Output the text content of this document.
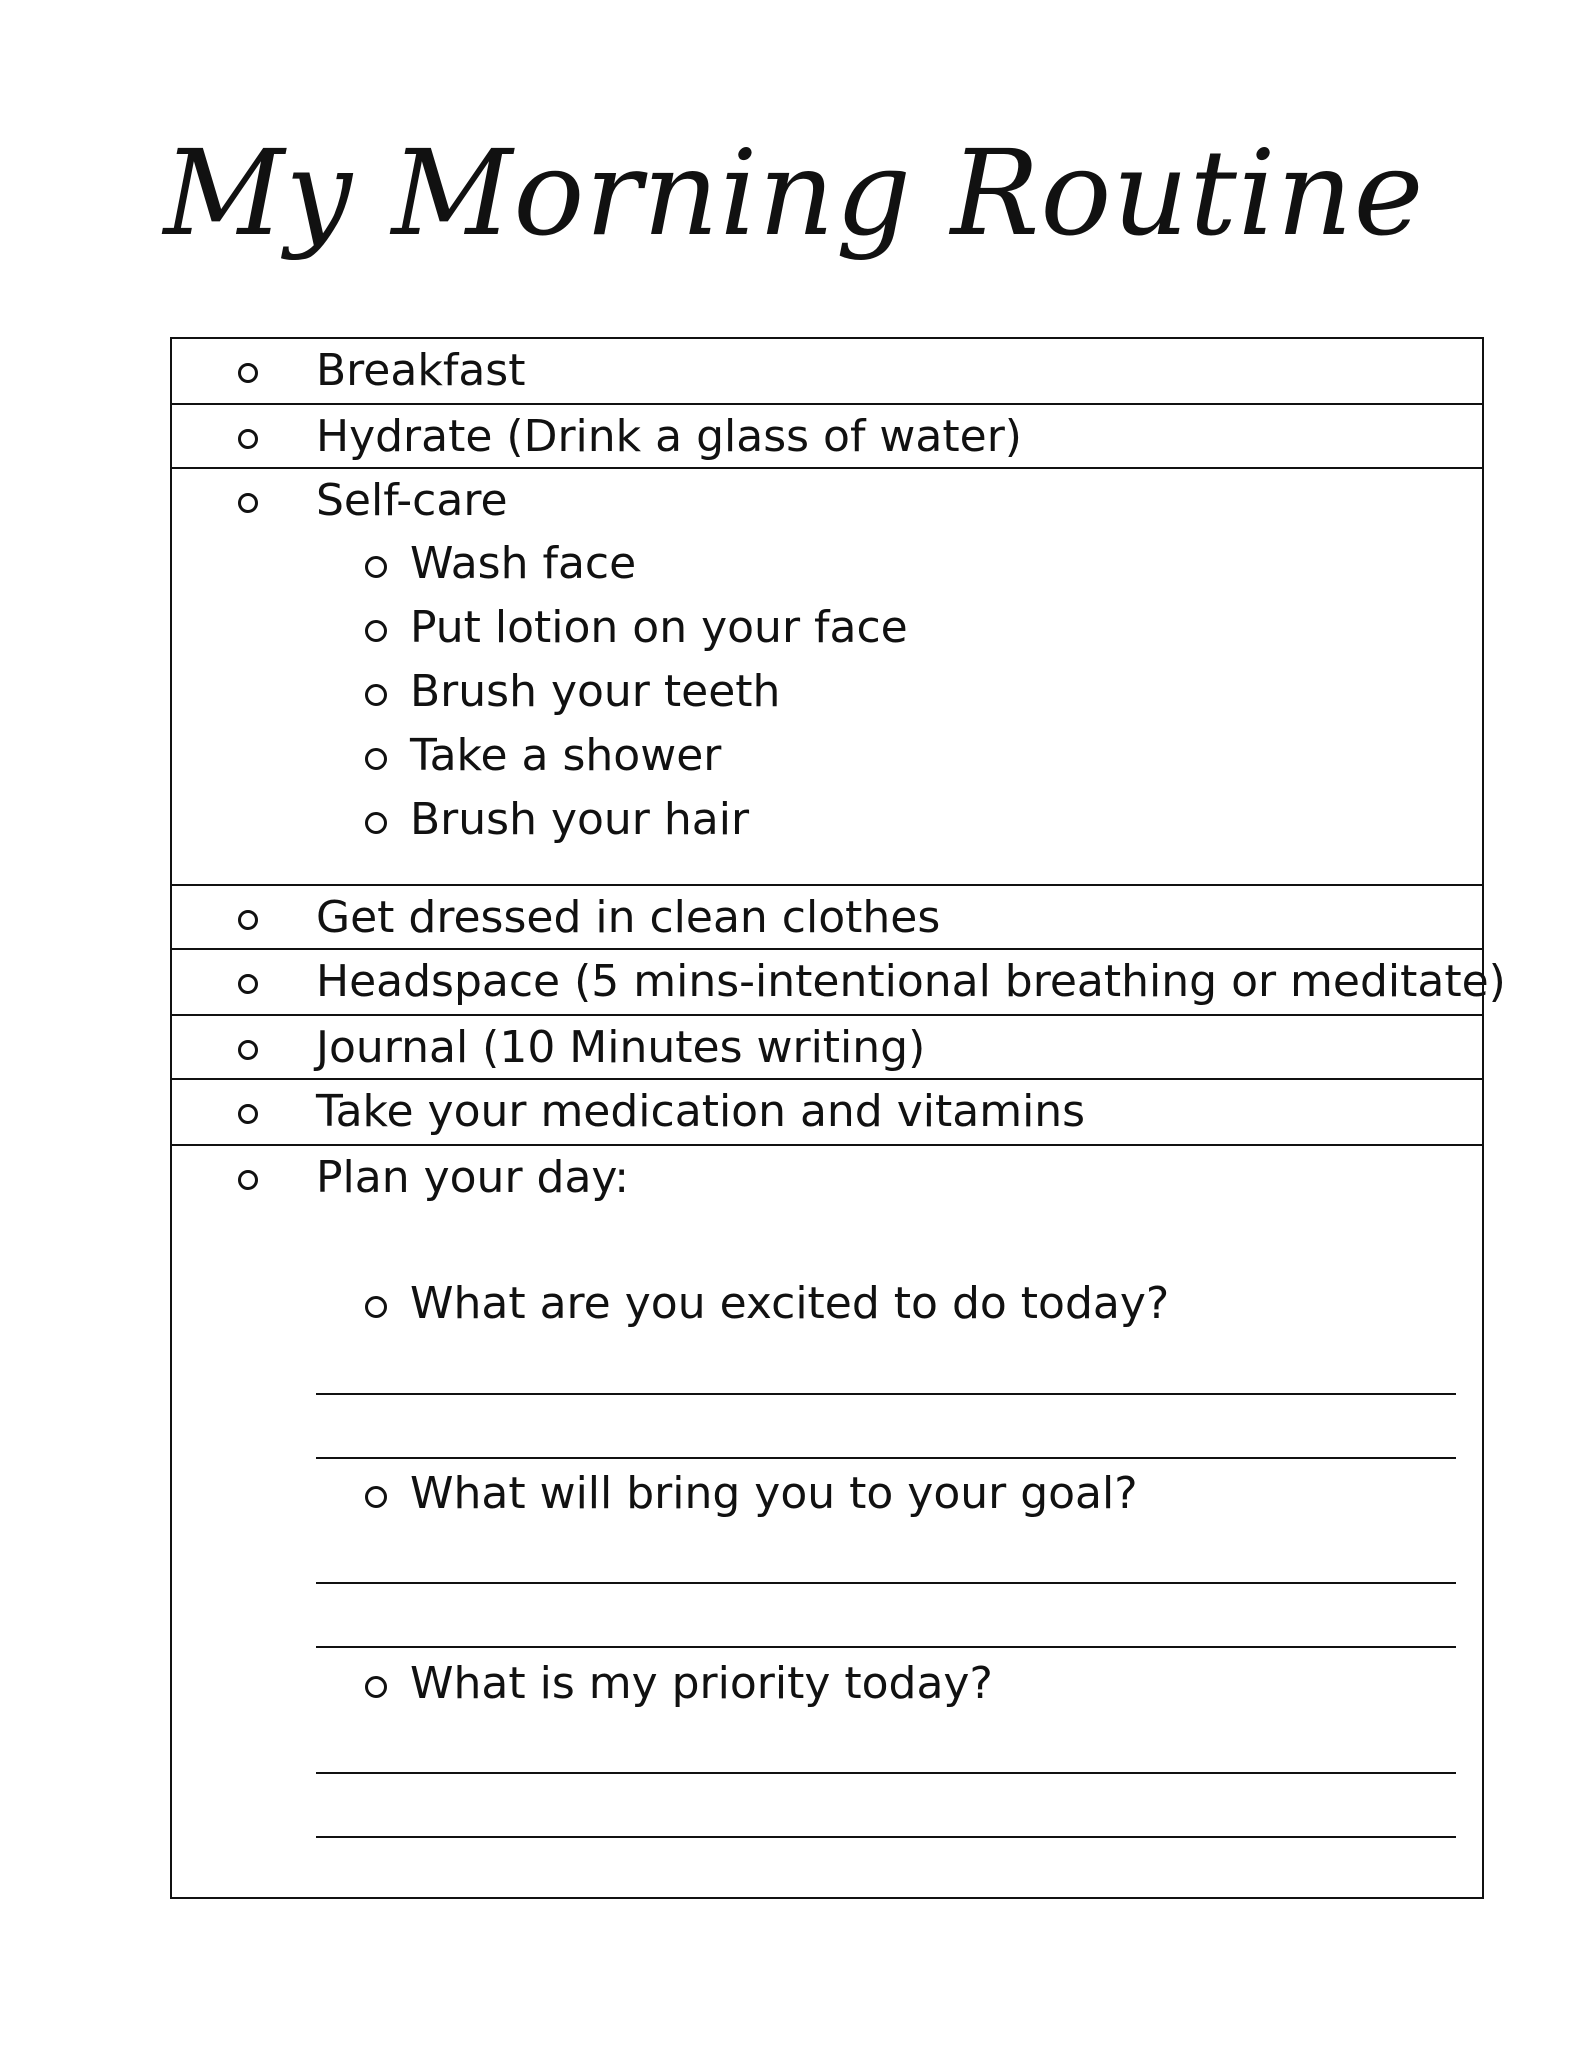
My Morning Routine
Breakfast
Hydrate (Drink a glass of water)
Self-care
Wash face
Put lotion on your face
Brush your teeth
Take a shower
Brush your hair
Get dressed in clean clothes
Headspace (5 mins-intentional breathing or meditate)
Journal (10 Minutes writing)
Take your medication and vitamins
Plan your day:
What are you excited to do today?
What will bring you to your goal?
What is my priority today?
